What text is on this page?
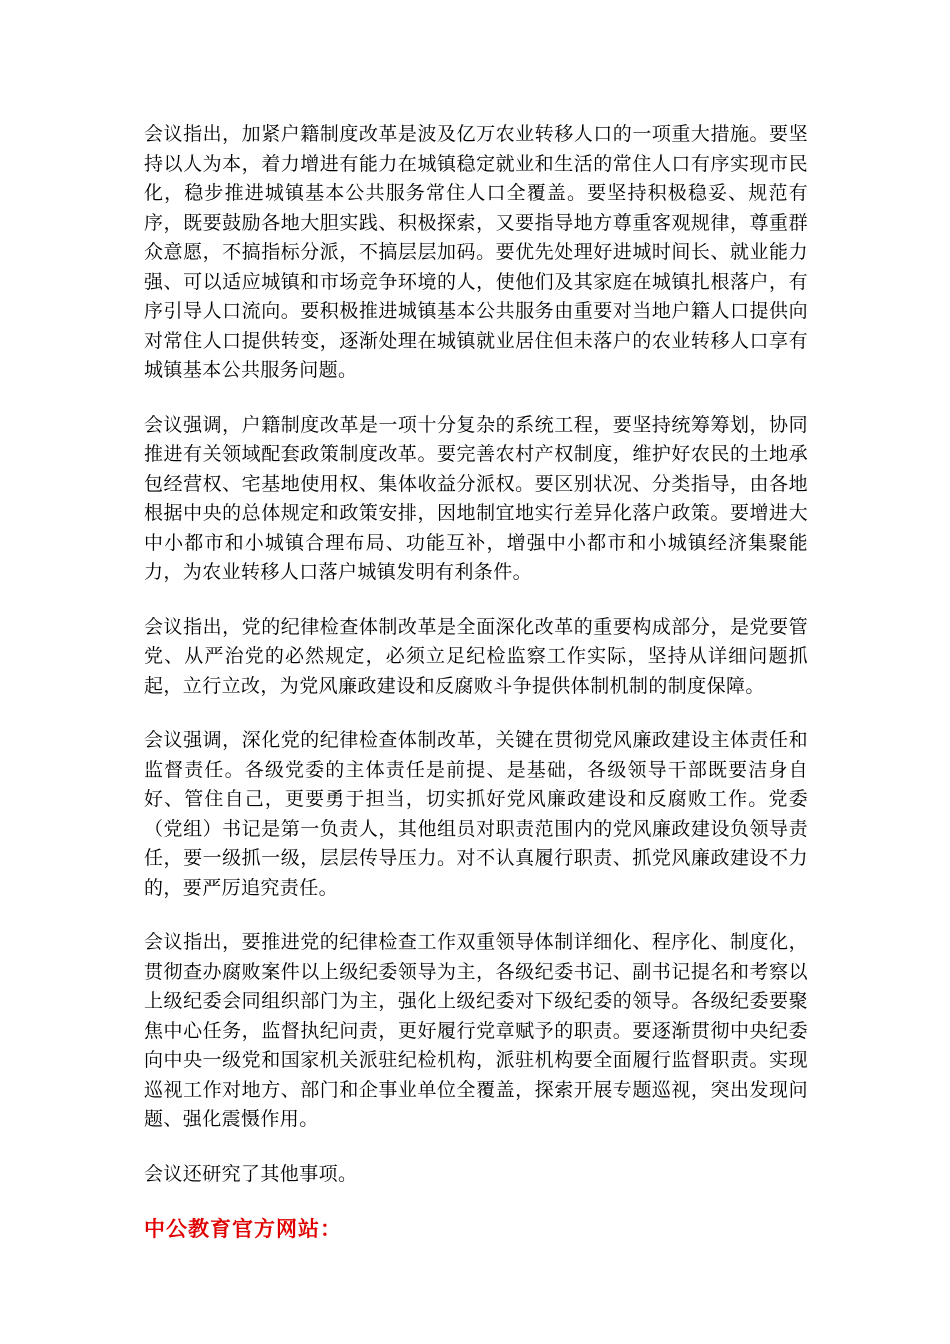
会议指出，加紧户籍制度改革是波及亿万农业转移人口的一项重大措施。要坚持以人为本，着力增进有能力在城镇稳定就业和生活的常住人口有序实现市民化，稳步推进城镇基本公共服务常住人口全覆盖。要坚持积极稳妥、规范有序，既要鼓励各地大胆实践、积极探索，又要指导地方尊重客观规律，尊重群众意愿，不搞指标分派，不搞层层加码。要优先处理好进城时间长、就业能力强、可以适应城镇和市场竞争环境的人，使他们及其家庭在城镇扎根落户，有序引导人口流向。要积极推进城镇基本公共服务由重要对当地户籍人口提供向对常住人口提供转变，逐渐处理在城镇就业居住但未落户的农业转移人口享有城镇基本公共服务问题。

会议强调，户籍制度改革是一项十分复杂的系统工程，要坚持统筹筹划，协同推进有关领域配套政策制度改革。要完善农村产权制度，维护好农民的土地承包经营权、宅基地使用权、集体收益分派权。要区别状况、分类指导，由各地根据中央的总体规定和政策安排，因地制宜地实行差异化落户政策。要增进大中小都市和小城镇合理布局、功能互补，增强中小都市和小城镇经济集聚能力，为农业转移人口落户城镇发明有利条件。

会议指出，党的纪律检查体制改革是全面深化改革的重要构成部分，是党要管党、从严治党的必然规定，必须立足纪检监察工作实际，坚持从详细问题抓起，立行立改，为党风廉政建设和反腐败斗争提供体制机制的制度保障。

会议强调，深化党的纪律检查体制改革，关键在贯彻党风廉政建设主体责任和监督责任。各级党委的主体责任是前提、是基础，各级领导干部既要洁身自好、管住自己，更要勇于担当，切实抓好党风廉政建设和反腐败工作。党委（党组）书记是第一负责人，其他组员对职责范围内的党风廉政建设负领导责任，要一级抓一级，层层传导压力。对不认真履行职责、抓党风廉政建设不力的，要严厉追究责任。

会议指出，要推进党的纪律检查工作双重领导体制详细化、程序化、制度化，贯彻查办腐败案件以上级纪委领导为主，各级纪委书记、副书记提名和考察以上级纪委会同组织部门为主，强化上级纪委对下级纪委的领导。各级纪委要聚焦中心任务，监督执纪问责，更好履行党章赋予的职责。要逐渐贯彻中央纪委向中央一级党和国家机关派驻纪检机构，派驻机构要全面履行监督职责。实现巡视工作对地方、部门和企事业单位全覆盖，探索开展专题巡视，突出发现问题、强化震慑作用。

会议还研究了其他事项。

中公教育官方网站：
